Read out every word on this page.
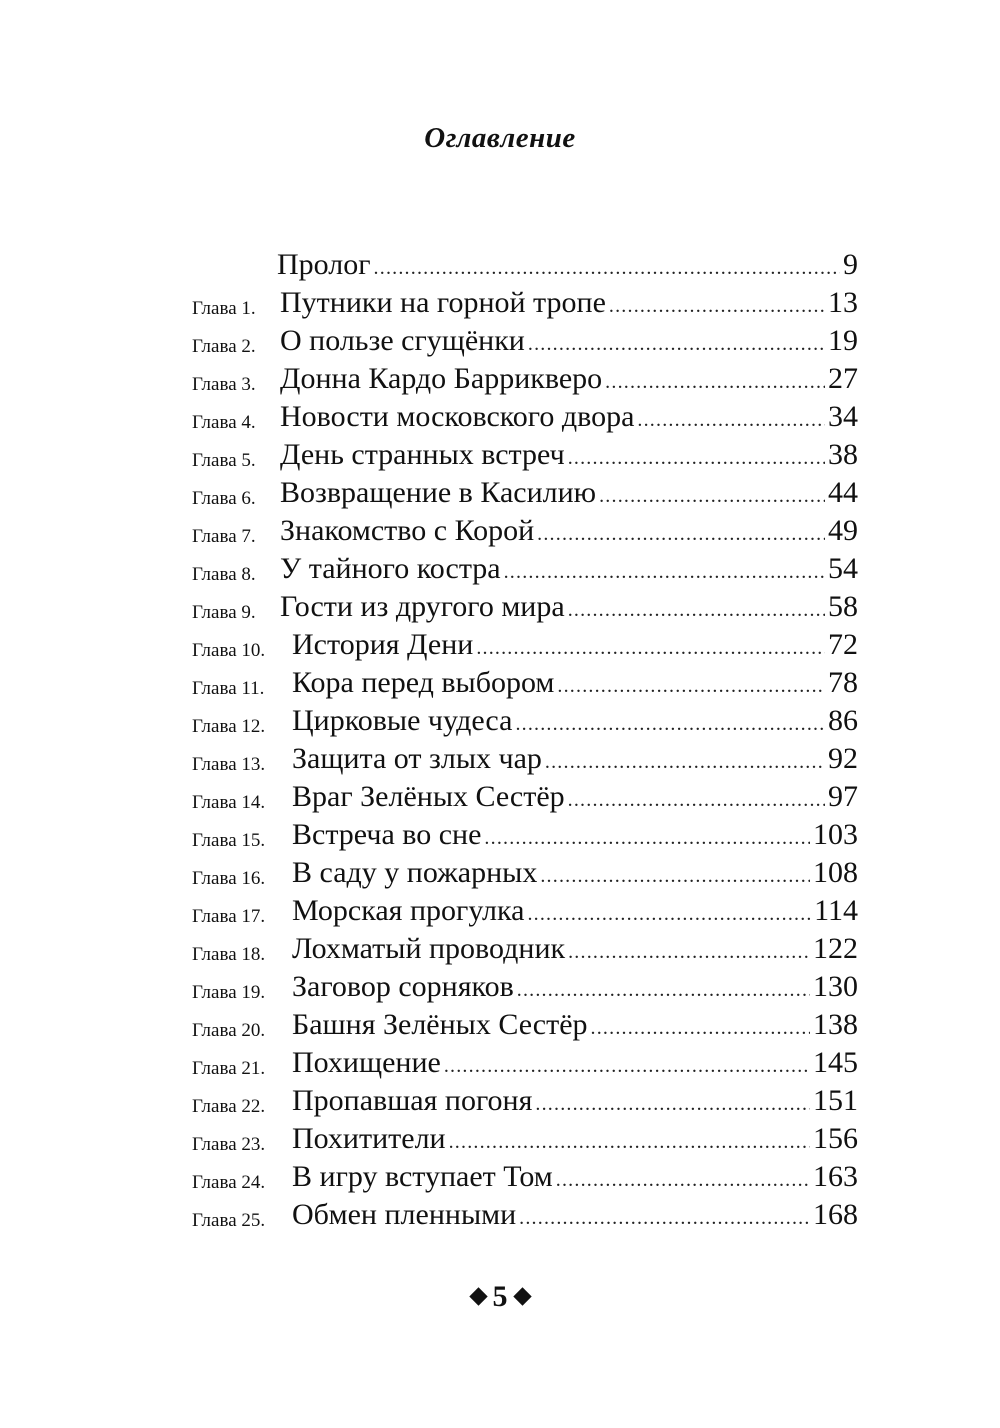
Оглавление
Пролог .....	9
Глава 1. Путники на горной тропе .....	13
Глава 2. О пользе сгущёнки .....	19
Глава 3. Донна Кардо Баррикверо .....	27
Глава 4. Новости московского двора .....	34
Глава 5. День странных встреч .....	38
Глава 6. Возвращение в Касилию .....	44
Глава 7. Знакомство с Корой .....	49
Глава 8. У тайного костра .....	54
Глава 9. Гости из другого мира .....	58
Глава 10. История Дени .....	72
Глава 11. Кора перед выбором .....	78
Глава 12. Цирковые чудеса .....	86
Глава 13. Защита от злых чар .....	92
Глава 14. Враг Зелёных Сестёр .....	97
Глава 15. Встреча во сне .....	103
Глава 16. В саду у пожарных .....	108
Глава 17. Морская прогулка .....	114
Глава 18. Лохматый проводник .....	122
Глава 19. Заговор сорняков .....	130
Глава 20. Башня Зелёных Сестёр .....	138
Глава 21. Похищение .....	145
Глава 22. Пропавшая погоня .....	151
Глава 23. Похитители .....	156
Глава 24. В игру вступает Том .....	163
Глава 25. Обмен пленными .....	168
5
